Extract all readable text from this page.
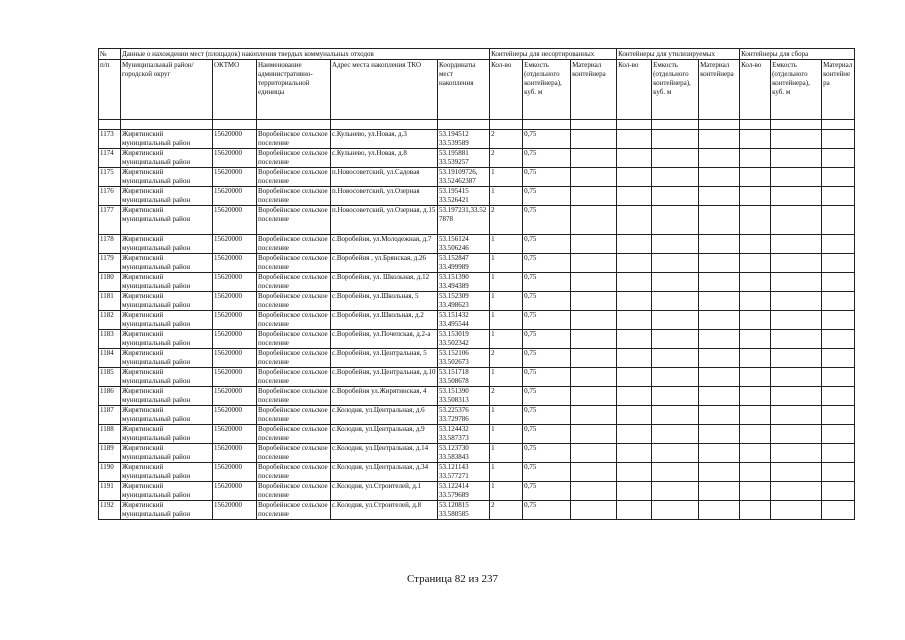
№	Данные о нахождении мест (площадок) накопления твердых коммунальных отходов					Контейнеры для несортированных			Контейнеры для утилизируемых			Контейнеры для сбора		
п/п	Муниципальный район/городской округ	ОКТМО	Наименование административно-территориальной единицы	Адрес места накопления ТКО	Координаты мест накопления	Кол-во	Емкость (отдельного контейнера), куб. м	Материал контейнера	Кол-во	Емкость (отдельного контейнера), куб. м	Материал контейнера	Кол-во	Емкость (отдельного контейнера), куб. м	Материал контейнера

1173	Жирятинский муниципальный район	15620000	Воробейнское сельское поселение	с.Кульнево, ул.Новая, д.3	53.194512 33.539589	2	0,75							
1174	Жирятинский муниципальный район	15620000	Воробейнское сельское поселение	с.Кульнево, ул.Новая, д.8	53.195881 33.539257	2	0,75							
1175	Жирятинский муниципальный район	15620000	Воробейнское сельское поселение	п.Новосоветский, ул.Садовая	53.19109726, 33.52462387	1	0,75							
1176	Жирятинский муниципальный район	15620000	Воробейнское сельское поселение	п.Новосоветский, ул.Озерная	53.195415 33.526421	1	0,75							
1177	Жирятинский муниципальный район	15620000	Воробейнское сельское поселение	п.Новосоветский, ул.Озерная, д.15	53.197231,33.527878	2	0,75							
1178	Жирятинский муниципальный район	15620000	Воробейнское сельское поселение	с.Воробейня, ул.Молодежная, д.7	53.156124 33.506246	1	0,75							
1179	Жирятинский муниципальный район	15620000	Воробейнское сельское поселение	с.Воробейня , ул.Брянская, д.26	53.152847 33.499989	1	0,75							
1180	Жирятинский муниципальный район	15620000	Воробейнское сельское поселение	с.Воробейня, ул. Школьная, д.12	53.151390 33.494389	1	0,75							
1181	Жирятинский муниципальный район	15620000	Воробейнское сельское поселение	с.Воробейня, ул.Школьная, 5	53.152309 33.498623	1	0,75							
1182	Жирятинский муниципальный район	15620000	Воробейнское сельское поселение	с.Воробейня, ул.Школьная, д.2	53.151432 33.495544	1	0,75							
1183	Жирятинский муниципальный район	15620000	Воробейнское сельское поселение	с.Воробейня, ул.Почепская, д.2-а	53.153019 33.502342	1	0,75							
1184	Жирятинский муниципальный район	15620000	Воробейнское сельское поселение	с.Воробейня, ул.Центральная, 5	53.152106 33.502673	2	0,75							
1185	Жирятинский муниципальный район	15620000	Воробейнское сельское поселение	с.Воробейня, ул.Центральная, д.10	53.151718 33.508678	1	0,75							
1186	Жирятинский муниципальный район	15620000	Воробейнское сельское поселение	с.Воробейня ул.Жирятинская, 4	53.151390 33.508313	2	0,75							
1187	Жирятинский муниципальный район	15620000	Воробейнское сельское поселение	с.Колодня, ул.Центральная, д.6	53.225376 33.729786	1	0,75							
1188	Жирятинский муниципальный район	15620000	Воробейнское сельское поселение	с.Колодня, ул.Центральная, д.9	53.124432 33.587373	1	0,75							
1189	Жирятинский муниципальный район	15620000	Воробейнское сельское поселение	с.Колодня, ул.Центральная, д.14	53.123730 33.583843	1	0,75							
1190	Жирятинский муниципальный район	15620000	Воробейнское сельское поселение	с.Колодня, ул.Центральная, д.34	53.121143 33.577271	1	0,75							
1191	Жирятинский муниципальный район	15620000	Воробейнское сельское поселение	с.Колодня, ул.Строителей, д.1	53.122414 33.579689	1	0,75							
1192	Жирятинский муниципальный район	15620000	Воробейнское сельское поселение	с.Колодня, ул.Строителей, д.8	53.120815 33.580585	2	0,75							
Страница 82 из 237
